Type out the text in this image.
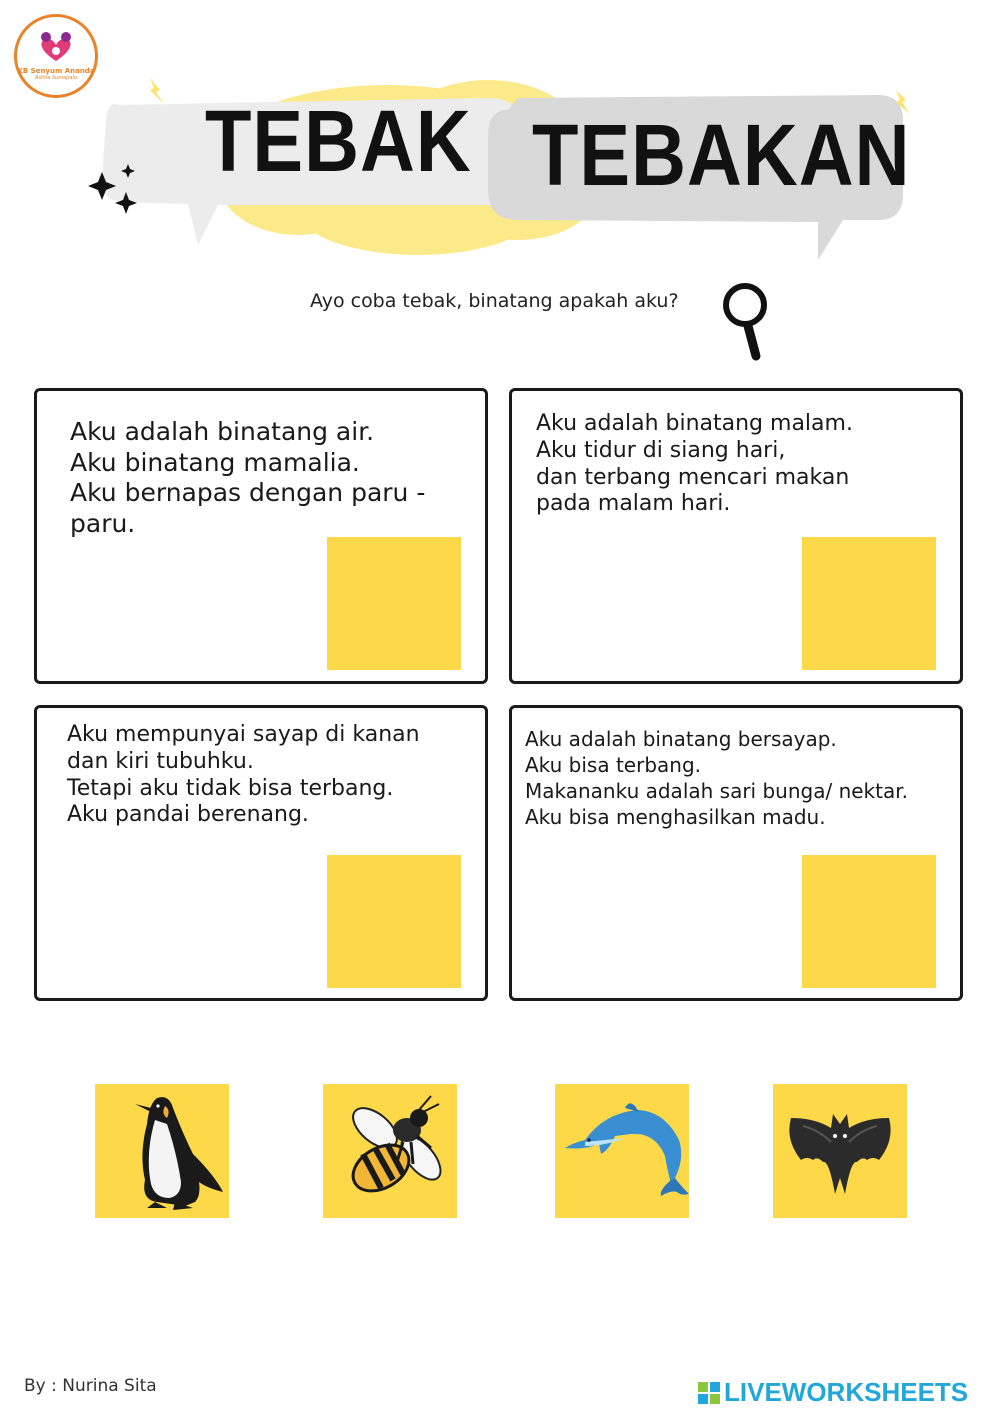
KB Senyum Ananda
Asliria Sumapalo
TEBAK TEBAKAN
Ayo coba tebak, binatang apakah aku?
Aku adalah binatang air.
Aku binatang mamalia.
Aku bernapas dengan paru -
paru.
Aku adalah binatang malam.
Aku tidur di siang hari,
dan terbang mencari makan
pada malam hari.
Aku mempunyai sayap di kanan
dan kiri tubuhku.
Tetapi aku tidak bisa terbang.
Aku pandai berenang.
Aku adalah binatang bersayap.
Aku bisa terbang.
Makananku adalah sari bunga/ nektar.
Aku bisa menghasilkan madu.
By : Nurina Sita	LIVEWORKSHEETS
